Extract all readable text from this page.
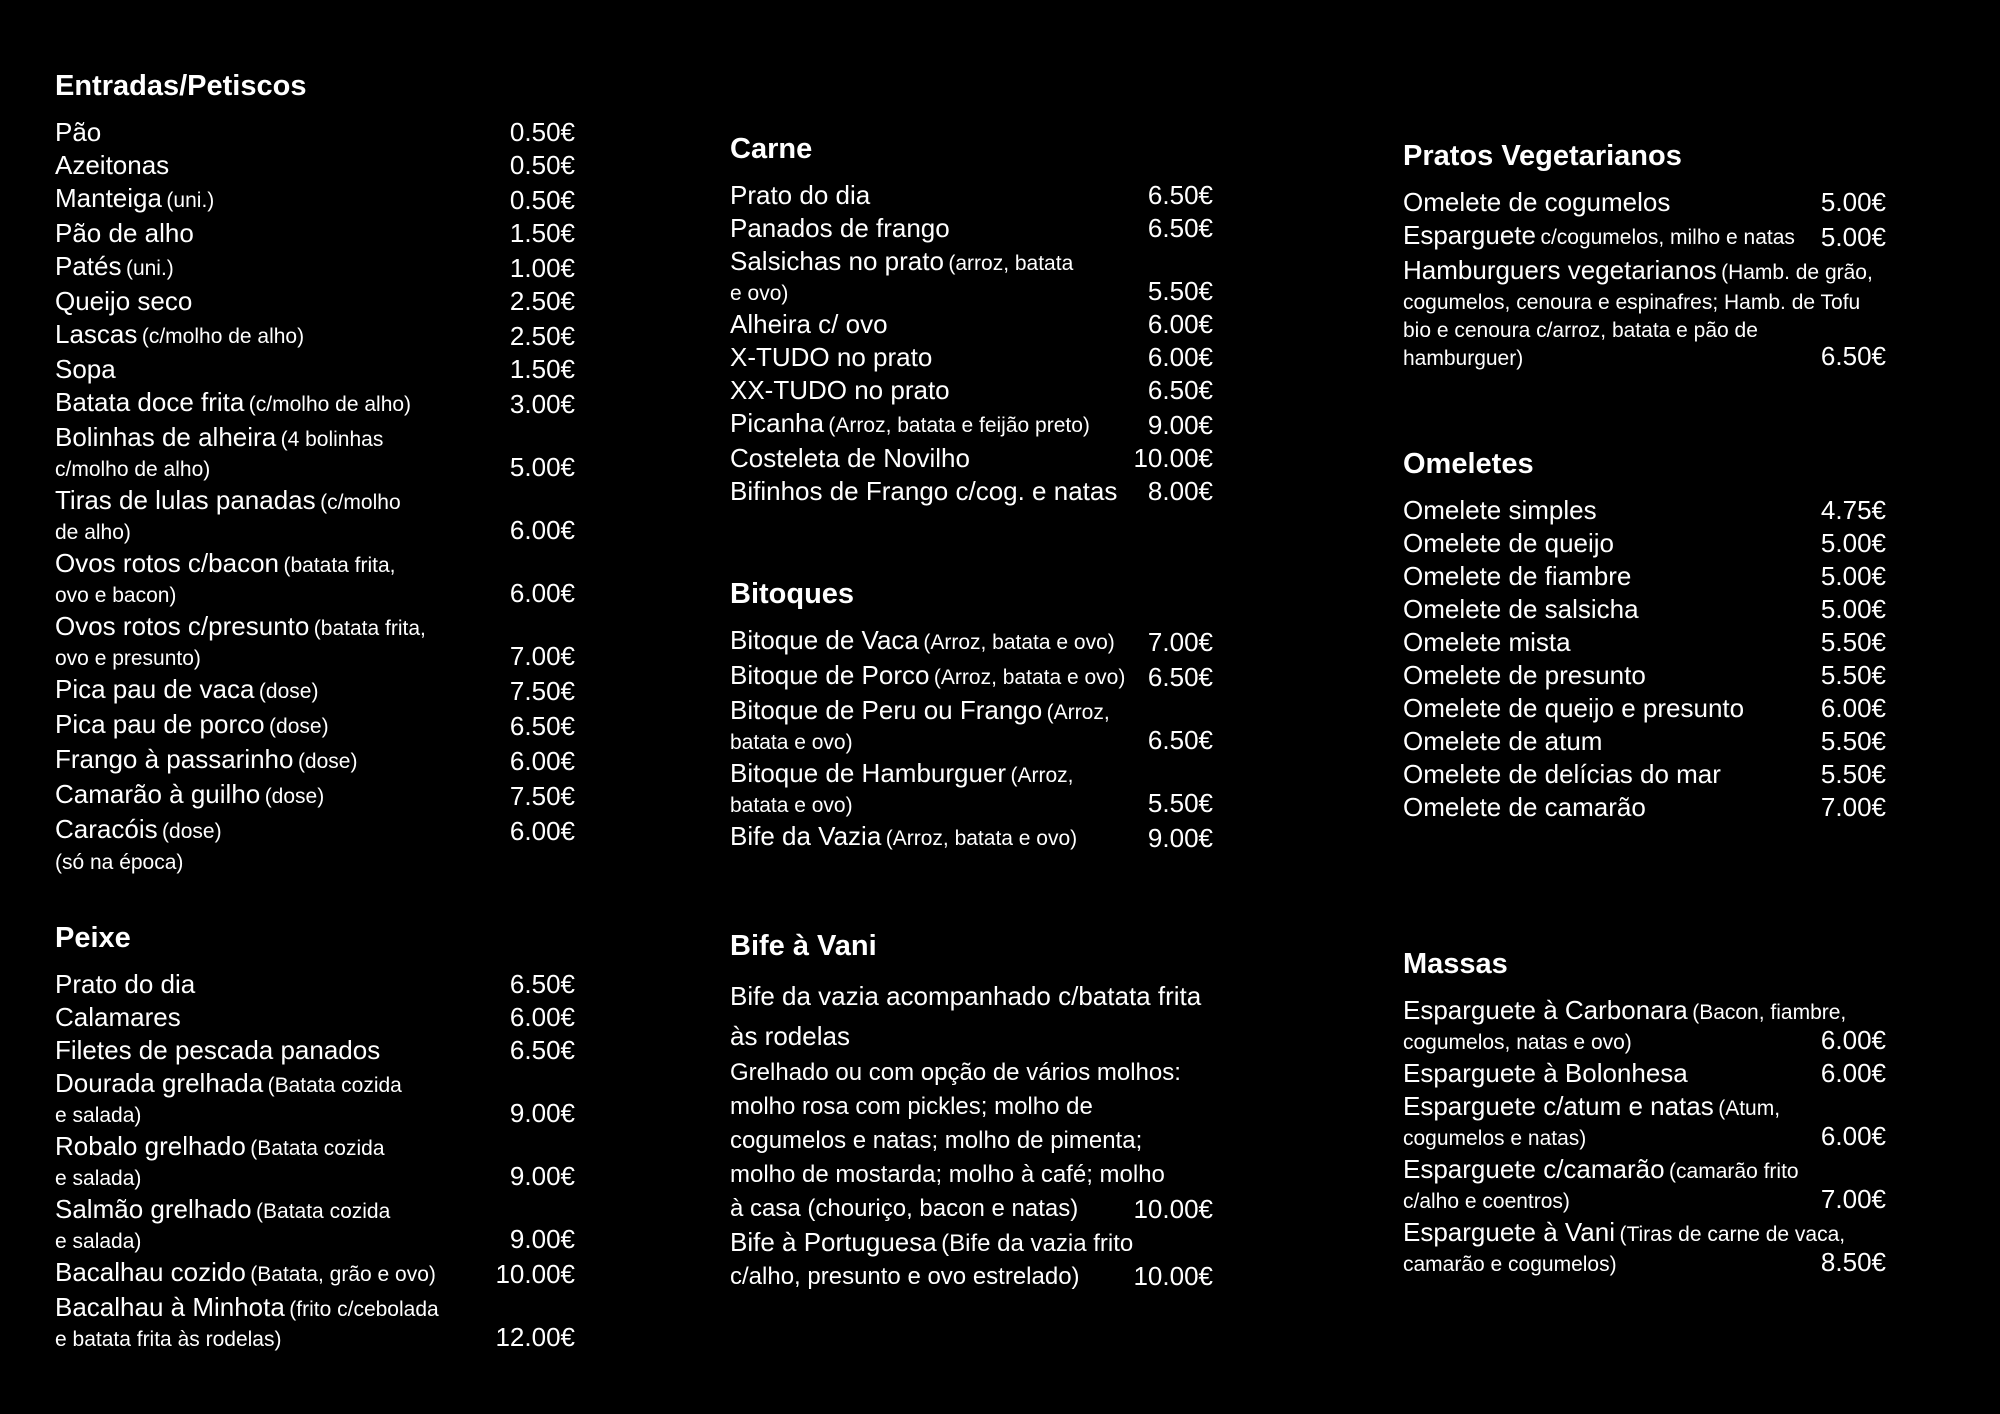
Entradas/Petiscos
Pão	0.50€
Azeitonas	0.50€
Manteiga (uni.)	0.50€
Pão de alho	1.50€
Patés (uni.)	1.00€
Queijo seco	2.50€
Lascas (c/molho de alho)	2.50€
Sopa	1.50€
Batata doce frita (c/molho de alho)	3.00€
Bolinhas de alheira (4 bolinhas
c/molho de alho)	5.00€
Tiras de lulas panadas (c/molho
de alho)	6.00€
Ovos rotos c/bacon (batata frita,
ovo e bacon)	6.00€
Ovos rotos c/presunto (batata frita,
ovo e presunto)	7.00€
Pica pau de vaca (dose)	7.50€
Pica pau de porco (dose)	6.50€
Frango à passarinho (dose)	6.00€
Camarão à guilho (dose)	7.50€
Caracóis (dose)	6.00€
(só na época)
Peixe
Prato do dia	6.50€
Calamares	6.00€
Filetes de pescada panados	6.50€
Dourada grelhada (Batata cozida
e salada)	9.00€
Robalo grelhado (Batata cozida
e salada)	9.00€
Salmão grelhado (Batata cozida
e salada)	9.00€
Bacalhau cozido (Batata, grão e ovo)	10.00€
Bacalhau à Minhota (frito c/cebolada
e batata frita às rodelas)	12.00€
Carne
Prato do dia	6.50€
Panados de frango	6.50€
Salsichas no prato (arroz, batata
e ovo)	5.50€
Alheira c/ ovo	6.00€
X-TUDO no prato	6.00€
XX-TUDO no prato	6.50€
Picanha (Arroz, batata e feijão preto)	9.00€
Costeleta de Novilho	10.00€
Bifinhos de Frango c/cog. e natas	8.00€
Bitoques
Bitoque de Vaca (Arroz, batata e ovo)	7.00€
Bitoque de Porco (Arroz, batata e ovo) 6.50€
Bitoque de Peru ou Frango (Arroz,
batata e ovo)	6.50€
Bitoque de Hamburguer (Arroz,
batata e ovo)	5.50€
Bife da Vazia (Arroz, batata e ovo)	9.00€
Bife à Vani
Bife da vazia acompanhado c/batata frita
às rodelas
Grelhado ou com opção de vários molhos:
molho rosa com pickles; molho de
cogumelos e natas; molho de pimenta;
molho de mostarda; molho à café; molho
à casa (chouriço, bacon e natas)	10.00€
Bife à Portuguesa (Bife da vazia frito
c/alho, presunto e ovo estrelado)	10.00€
Pratos Vegetarianos
Omelete de cogumelos	5.00€
Esparguete c/cogumelos, milho e natas	5.00€
Hamburguers vegetarianos (Hamb. de grão,
cogumelos, cenoura e espinafres; Hamb. de Tofu
bio e cenoura c/arroz, batata e pão de
hamburguer)	6.50€
Omeletes
Omelete simples	4.75€
Omelete de queijo	5.00€
Omelete de fiambre	5.00€
Omelete de salsicha	5.00€
Omelete mista	5.50€
Omelete de presunto	5.50€
Omelete de queijo e presunto	6.00€
Omelete de atum	5.50€
Omelete de delícias do mar	5.50€
Omelete de camarão	7.00€
Massas
Esparguete à Carbonara (Bacon, fiambre,
cogumelos, natas e ovo)	6.00€
Esparguete à Bolonhesa	6.00€
Esparguete c/atum e natas (Atum,
cogumelos e natas)	6.00€
Esparguete c/camarão (camarão frito
c/alho e coentros)	7.00€
Esparguete à Vani (Tiras de carne de vaca,
camarão e cogumelos)	8.50€
